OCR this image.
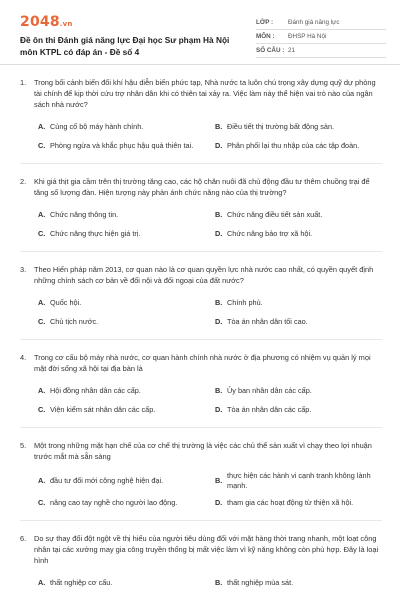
2048.vn
Đề ôn thi Đánh giá năng lực Đại học Sư phạm Hà Nội môn KTPL có đáp án - Đề số 4
LỚP :	Đánh giá năng lực
MÔN :	ĐHSP Hà Nội
SỐ CÂU : 21
1.	Trong bối cảnh biến đổi khí hậu diễn biến phức tạp, Nhà nước ta luôn chú trọng xây dựng quỹ dự phòng tài chính để kịp thời cứu trợ nhân dân khi có thiên tai xảy ra. Việc làm này thể hiện vai trò nào của ngân sách nhà nước?
A. Củng cố bộ máy hành chính.	B. Điều tiết thị trường bất động sản.
C. Phòng ngừa và khắc phục hậu quả thiên tai.	D. Phân phối lại thu nhập của các tập đoàn.
2.	Khi giá thịt gia cầm trên thị trường tăng cao, các hộ chăn nuôi đã chủ động đầu tư thêm chuồng trại để tăng số lượng đàn. Hiện tượng này phản ánh chức năng nào của thị trường?
A. Chức năng thông tin.	B. Chức năng điều tiết sản xuất.
C. Chức năng thực hiện giá trị.	D. Chức năng bảo trợ xã hội.
3.	Theo Hiến pháp năm 2013, cơ quan nào là cơ quan quyền lực nhà nước cao nhất, có quyền quyết định những chính sách cơ bản về đối nội và đối ngoại của đất nước?
A. Quốc hội.	B. Chính phủ.
C. Chủ tịch nước.	D. Tòa án nhân dân tối cao.
4.	Trong cơ cấu bộ máy nhà nước, cơ quan hành chính nhà nước ở địa phương có nhiệm vụ quản lý mọi mặt đời sống xã hội tại địa bàn là
A. Hội đồng nhân dân các cấp.	B. Ủy ban nhân dân các cấp.
C. Viện kiểm sát nhân dân các cấp.	D. Tòa án nhân dân các cấp.
5.	Một trong những mặt hạn chế của cơ chế thị trường là việc các chủ thể sản xuất vì chạy theo lợi nhuận trước mắt mà sẵn sàng
A. đầu tư đổi mới công nghệ hiện đại.	B.
thực hiện các hành vi cạnh tranh không lành mạnh.
C. nâng cao tay nghề cho người lao động.	D. tham gia các hoạt động từ thiện xã hội.
6.	Do sự thay đổi đột ngột về thị hiếu của người tiêu dùng đối với mặt hàng thời trang nhanh, một loạt công nhân tại các xưởng may gia công truyền thống bị mất việc làm vì kỹ năng không còn phù hợp. Đây là loại hình
A. thất nghiệp cơ cấu.	B. thất nghiệp mùa sát.
